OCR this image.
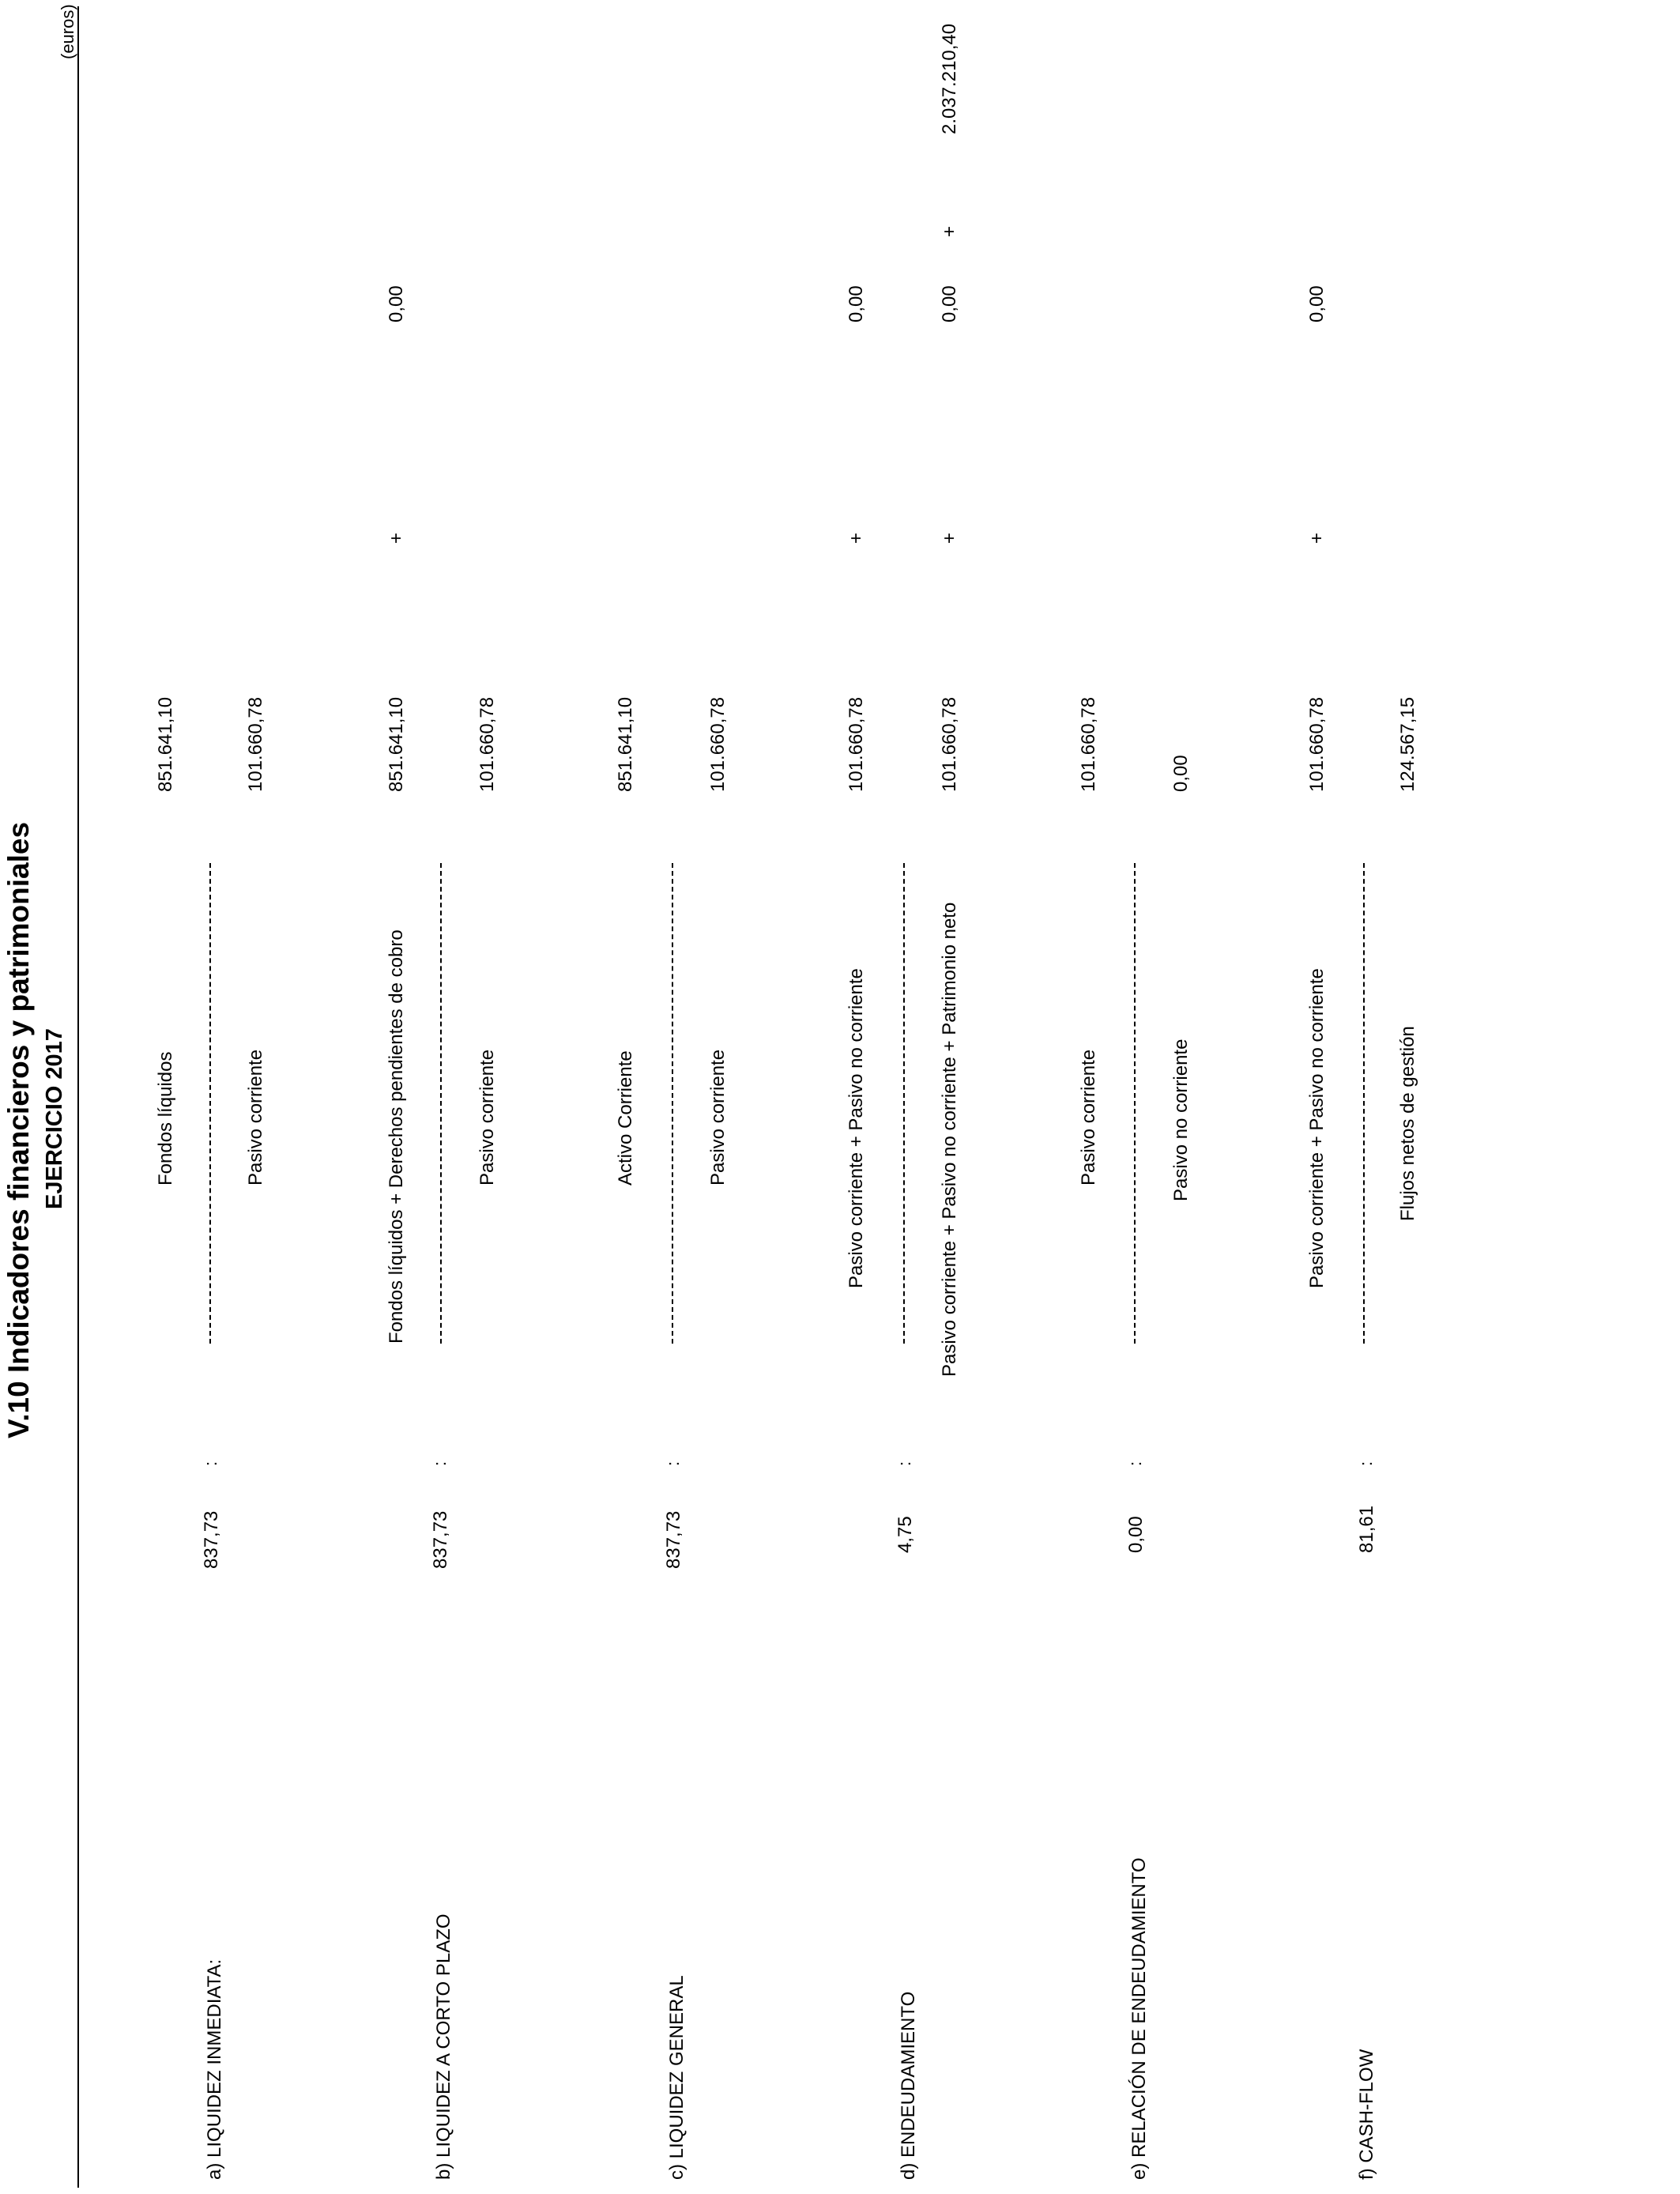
V.10 Indicadores financieros y patrimoniales EJERCICIO 2017
(euros)
a) LIQUIDEZ INMEDIATA:
837,73
:
Fondos líquidos
851.641,10
Pasivo corriente
101.660,78
b) LIQUIDEZ A CORTO PLAZO
837,73
:
Fondos líquidos + Derechos pendientes de cobro
851.641,10
+
0,00
Pasivo corriente
101.660,78
c) LIQUIDEZ GENERAL
837,73
:
Activo Corriente
851.641,10
Pasivo corriente
101.660,78
d) ENDEUDAMIENTO
4,75
:
Pasivo corriente + Pasivo no corriente
101.660,78
+
0,00
Pasivo corriente + Pasivo no corriente + Patrimonio neto
101.660,78
+
0,00
+
2.037.210,40
e) RELACIÓN DE ENDEUDAMIENTO
0,00
:
Pasivo corriente
101.660,78
Pasivo no corriente
0,00
f) CASH-FLOW
81,61
:
Pasivo corriente + Pasivo no corriente
101.660,78
+
0,00
Flujos netos de gestión
124.567,15
